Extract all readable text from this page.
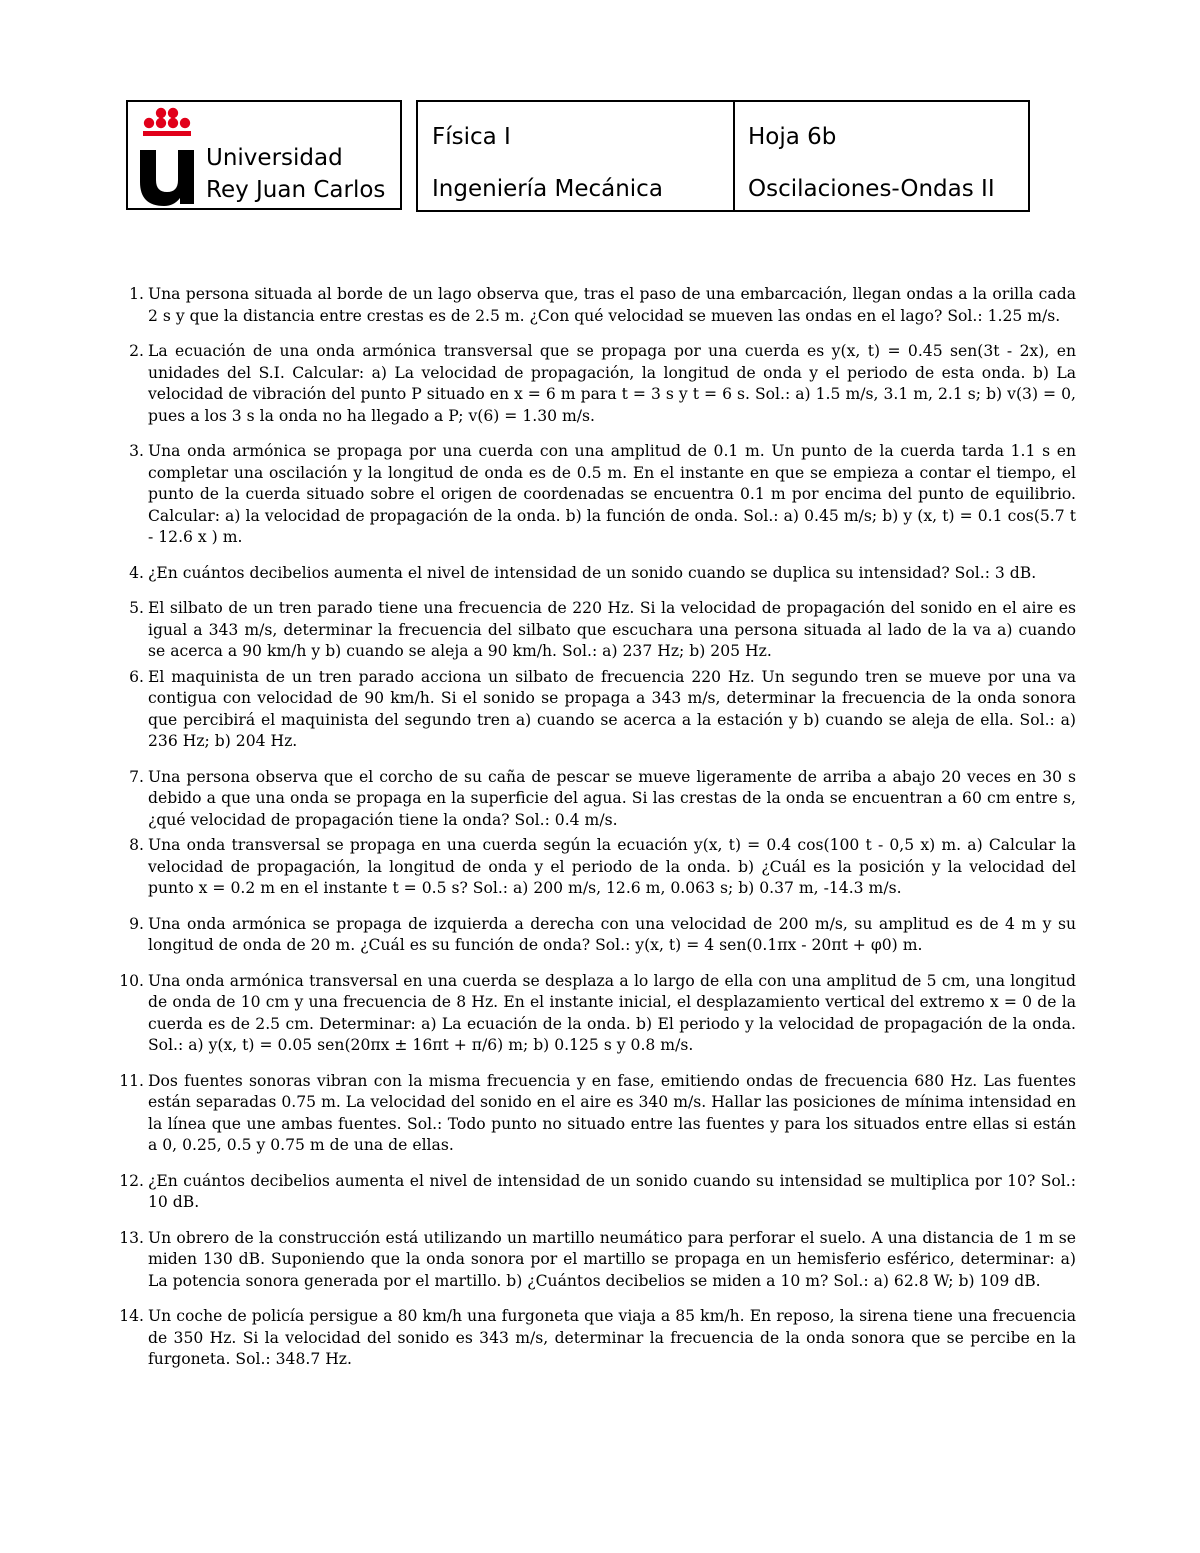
Universidad
Rey Juan Carlos
Física I	Hoja 6b
Ingeniería Mecánica	Oscilaciones-Ondas II
1. Una persona situada al borde de un lago observa que, tras el paso de una embarcación, llegan ondas a la orilla cada 2 s y que la distancia entre crestas es de 2.5 m. ¿Con qué velocidad se mueven las ondas en el lago? Sol.: 1.25 m/s.
2. La ecuación de una onda armónica transversal que se propaga por una cuerda es y(x, t) = 0.45 sen(3t - 2x), en unidades del S.I. Calcular: a) La velocidad de propagación, la longitud de onda y el periodo de esta onda. b) La velocidad de vibración del punto P situado en x = 6 m para t = 3 s y t = 6 s. Sol.: a) 1.5 m/s, 3.1 m, 2.1 s; b) v(3) = 0, pues a los 3 s la onda no ha llegado a P; v(6) = 1.30 m/s.
3. Una onda armónica se propaga por una cuerda con una amplitud de 0.1 m. Un punto de la cuerda tarda 1.1 s en completar una oscilación y la longitud de onda es de 0.5 m. En el instante en que se empieza a contar el tiempo, el punto de la cuerda situado sobre el origen de coordenadas se encuentra 0.1 m por encima del punto de equilibrio. Calcular: a) la velocidad de propagación de la onda. b) la función de onda. Sol.: a) 0.45 m/s; b) y (x, t) = 0.1 cos(5.7 t - 12.6 x ) m.
4. ¿En cuántos decibelios aumenta el nivel de intensidad de un sonido cuando se duplica su intensidad? Sol.: 3 dB.
5. El silbato de un tren parado tiene una frecuencia de 220 Hz. Si la velocidad de propagación del sonido en el aire es igual a 343 m/s, determinar la frecuencia del silbato que escuchara una persona situada al lado de la va a) cuando se acerca a 90 km/h y b) cuando se aleja a 90 km/h. Sol.: a) 237 Hz; b) 205 Hz.
6. El maquinista de un tren parado acciona un silbato de frecuencia 220 Hz. Un segundo tren se mueve por una va contigua con velocidad de 90 km/h. Si el sonido se propaga a 343 m/s, determinar la frecuencia de la onda sonora que percibirá el maquinista del segundo tren a) cuando se acerca a la estación y b) cuando se aleja de ella. Sol.: a) 236 Hz; b) 204 Hz.
7. Una persona observa que el corcho de su caña de pescar se mueve ligeramente de arriba a abajo 20 veces en 30 s debido a que una onda se propaga en la superficie del agua. Si las crestas de la onda se encuentran a 60 cm entre s, ¿qué velocidad de propagación tiene la onda? Sol.: 0.4 m/s.
8. Una onda transversal se propaga en una cuerda según la ecuación y(x, t) = 0.4 cos(100 t - 0,5 x) m. a) Calcular la velocidad de propagación, la longitud de onda y el periodo de la onda. b) ¿Cuál es la posición y la velocidad del punto x = 0.2 m en el instante t = 0.5 s? Sol.: a) 200 m/s, 12.6 m, 0.063 s; b) 0.37 m, -14.3 m/s.
9. Una onda armónica se propaga de izquierda a derecha con una velocidad de 200 m/s, su amplitud es de 4 m y su longitud de onda de 20 m. ¿Cuál es su función de onda? Sol.: y(x, t) = 4 sen(0.1πx - 20πt + φ0) m.
10. Una onda armónica transversal en una cuerda se desplaza a lo largo de ella con una amplitud de 5 cm, una longitud de onda de 10 cm y una frecuencia de 8 Hz. En el instante inicial, el desplazamiento vertical del extremo x = 0 de la cuerda es de 2.5 cm. Determinar: a) La ecuación de la onda. b) El periodo y la velocidad de propagación de la onda. Sol.: a) y(x, t) = 0.05 sen(20πx ± 16πt + π/6) m; b) 0.125 s y 0.8 m/s.
11. Dos fuentes sonoras vibran con la misma frecuencia y en fase, emitiendo ondas de frecuencia 680 Hz. Las fuentes están separadas 0.75 m. La velocidad del sonido en el aire es 340 m/s. Hallar las posiciones de mínima intensidad en la línea que une ambas fuentes. Sol.: Todo punto no situado entre las fuentes y para los situados entre ellas si están a 0, 0.25, 0.5 y 0.75 m de una de ellas.
12. ¿En cuántos decibelios aumenta el nivel de intensidad de un sonido cuando su intensidad se multiplica por 10? Sol.: 10 dB.
13. Un obrero de la construcción está utilizando un martillo neumático para perforar el suelo. A una distancia de 1 m se miden 130 dB. Suponiendo que la onda sonora por el martillo se propaga en un hemisferio esférico, determinar: a) La potencia sonora generada por el martillo. b) ¿Cuántos decibelios se miden a 10 m? Sol.: a) 62.8 W; b) 109 dB.
14. Un coche de policía persigue a 80 km/h una furgoneta que viaja a 85 km/h. En reposo, la sirena tiene una frecuencia de 350 Hz. Si la velocidad del sonido es 343 m/s, determinar la frecuencia de la onda sonora que se percibe en la furgoneta. Sol.: 348.7 Hz.
